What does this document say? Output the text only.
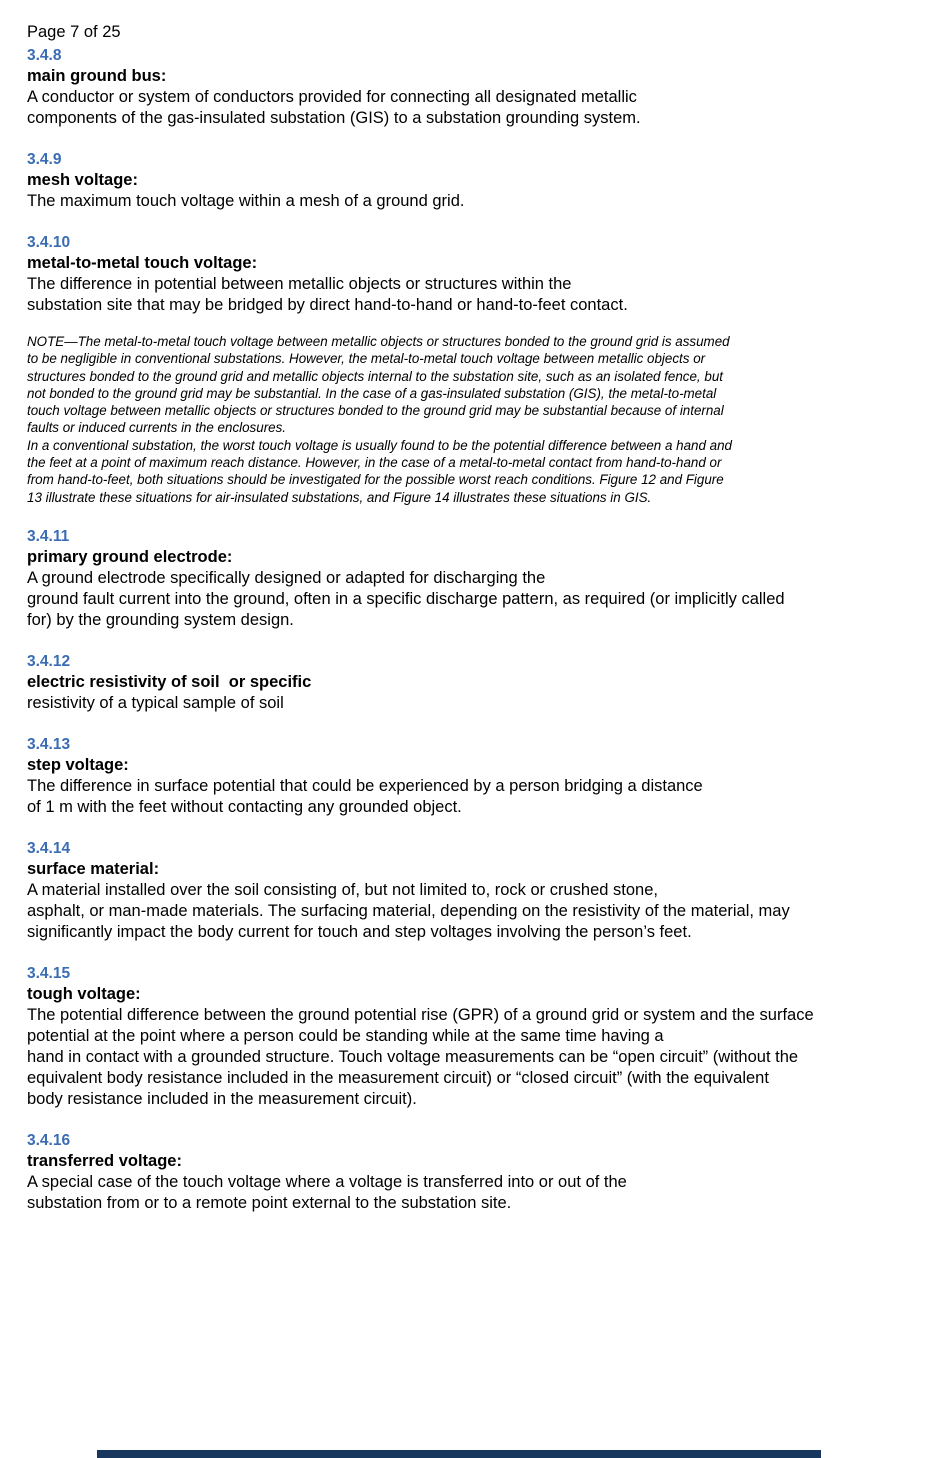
Page 7 of 25
3.4.8
main ground bus:
A conductor or system of conductors provided for connecting all designated metallic
components of the gas-insulated substation (GIS) to a substation grounding system.
3.4.9
mesh voltage:
The maximum touch voltage within a mesh of a ground grid.
3.4.10
metal-to-metal touch voltage:
The difference in potential between metallic objects or structures within the
substation site that may be bridged by direct hand-to-hand or hand-to-feet contact.
NOTE—The metal-to-metal touch voltage between metallic objects or structures bonded to the ground grid is assumed
to be negligible in conventional substations. However, the metal-to-metal touch voltage between metallic objects or
structures bonded to the ground grid and metallic objects internal to the substation site, such as an isolated fence, but
not bonded to the ground grid may be substantial. In the case of a gas-insulated substation (GIS), the metal-to-metal
touch voltage between metallic objects or structures bonded to the ground grid may be substantial because of internal
faults or induced currents in the enclosures.
In a conventional substation, the worst touch voltage is usually found to be the potential difference between a hand and
the feet at a point of maximum reach distance. However, in the case of a metal-to-metal contact from hand-to-hand or
from hand-to-feet, both situations should be investigated for the possible worst reach conditions. Figure 12 and Figure
13 illustrate these situations for air-insulated substations, and Figure 14 illustrates these situations in GIS.
3.4.11
primary ground electrode:
A ground electrode specifically designed or adapted for discharging the
ground fault current into the ground, often in a specific discharge pattern, as required (or implicitly called
for) by the grounding system design.
3.4.12
electric resistivity of soil  or specific
resistivity of a typical sample of soil
3.4.13
step voltage:
The difference in surface potential that could be experienced by a person bridging a distance
of 1 m with the feet without contacting any grounded object.
3.4.14
surface material:
A material installed over the soil consisting of, but not limited to, rock or crushed stone,
asphalt, or man-made materials. The surfacing material, depending on the resistivity of the material, may
significantly impact the body current for touch and step voltages involving the person’s feet.
3.4.15
tough voltage:
The potential difference between the ground potential rise (GPR) of a ground grid or system and the surface
potential at the point where a person could be standing while at the same time having a
hand in contact with a grounded structure. Touch voltage measurements can be “open circuit” (without the
equivalent body resistance included in the measurement circuit) or “closed circuit” (with the equivalent
body resistance included in the measurement circuit).
3.4.16
transferred voltage:
A special case of the touch voltage where a voltage is transferred into or out of the
substation from or to a remote point external to the substation site.
